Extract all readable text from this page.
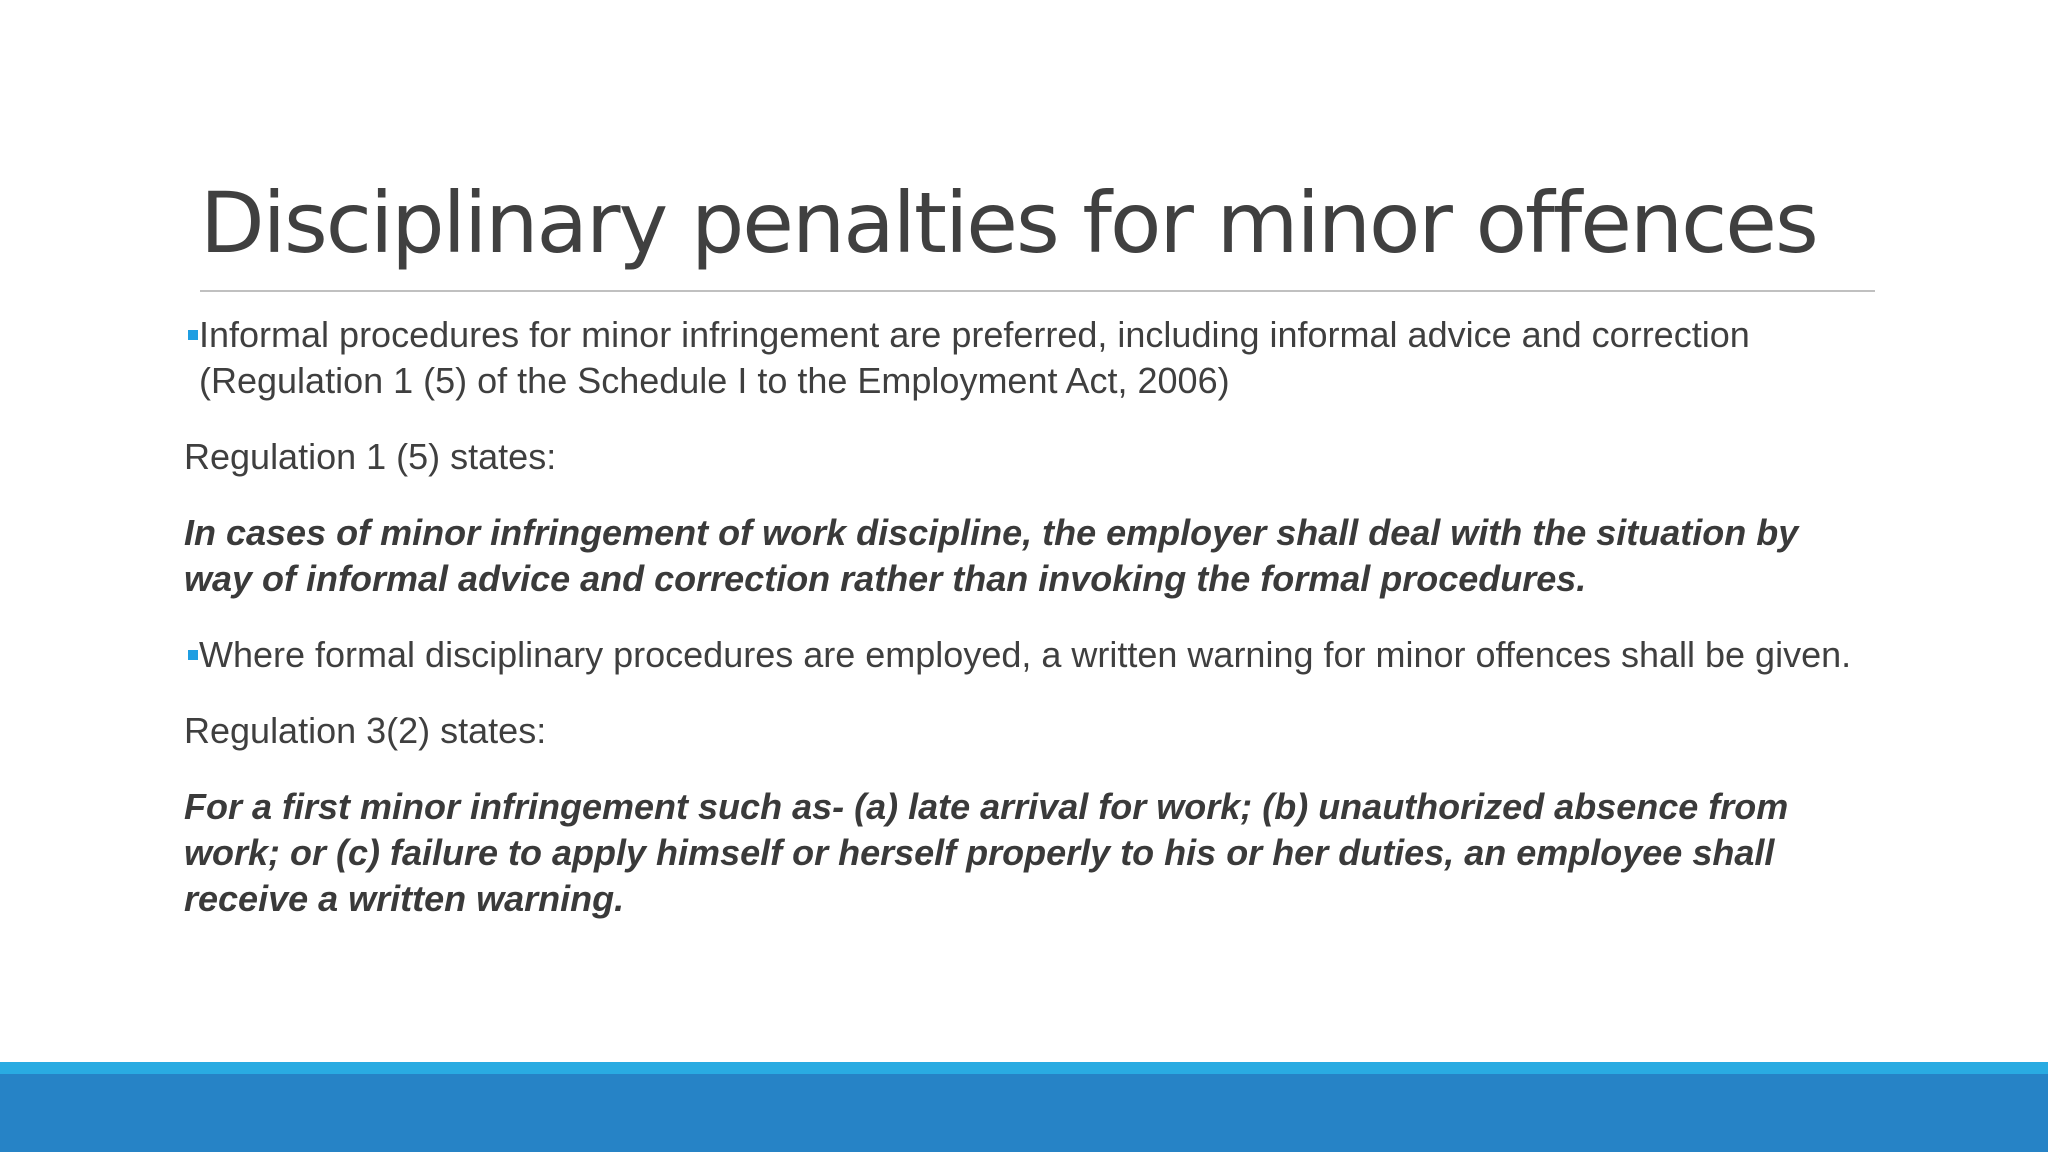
Disciplinary penalties for minor offences
Informal procedures for minor infringement are preferred, including informal advice and correction (Regulation 1 (5) of the Schedule I to the Employment Act, 2006)
Regulation 1 (5) states:
In cases of minor infringement of work discipline, the employer shall deal with the situation by way of informal advice and correction rather than invoking the formal procedures.
Where formal disciplinary procedures are employed, a written warning for minor offences shall be given.
Regulation 3(2) states:
For a first minor infringement such as- (a) late arrival for work; (b) unauthorized absence from work; or (c) failure to apply himself or herself properly to his or her duties, an employee shall receive a written warning.
